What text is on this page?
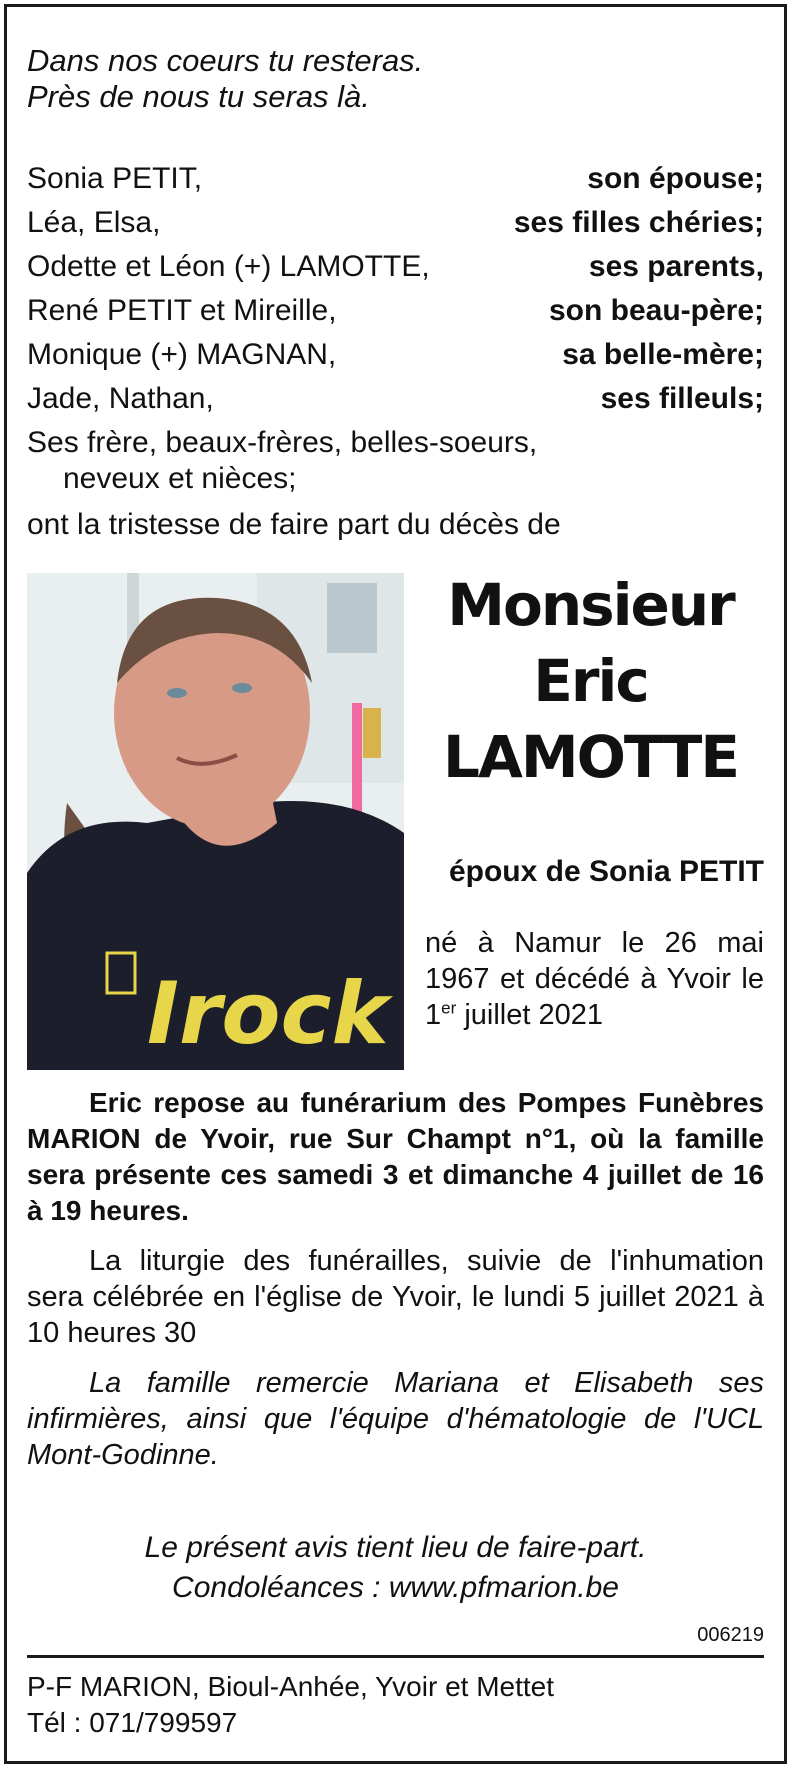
Dans nos coeurs tu resteras.
Près de nous tu seras là.
Sonia PETIT,	son épouse;
Léa, Elsa,	ses filles chéries;
Odette et Léon (+) LAMOTTE,	ses parents,
René PETIT et Mireille,	son beau-père;
Monique (+) MAGNAN,	sa belle-mère;
Jade, Nathan,	ses filleuls;
Ses frère, beaux-frères, belles-soeurs,
neveux et nièces;
ont la tristesse de faire part du décès de
Irock
Monsieur
Eric
LAMOTTE
époux de Sonia PETIT
né à Namur le 26 mai 1967 et décédé à Yvoir le 1er juillet 2021
Eric repose au funérarium des Pompes Funèbres MARION de Yvoir, rue Sur Champt n°1, où la famille sera présente ces samedi 3 et dimanche 4 juillet de 16 à 19 heures.
La liturgie des funérailles, suivie de l'inhumation sera célébrée en l'église de Yvoir, le lundi 5 juillet 2021 à 10 heures 30
La famille remercie Mariana et Elisabeth ses infirmières, ainsi que l'équipe d'hématologie de l'UCL Mont-Godinne.
Le présent avis tient lieu de faire-part.
Condoléances : www.pfmarion.be
006219
P-F MARION, Bioul-Anhée, Yvoir et Mettet
Tél : 071/799597
